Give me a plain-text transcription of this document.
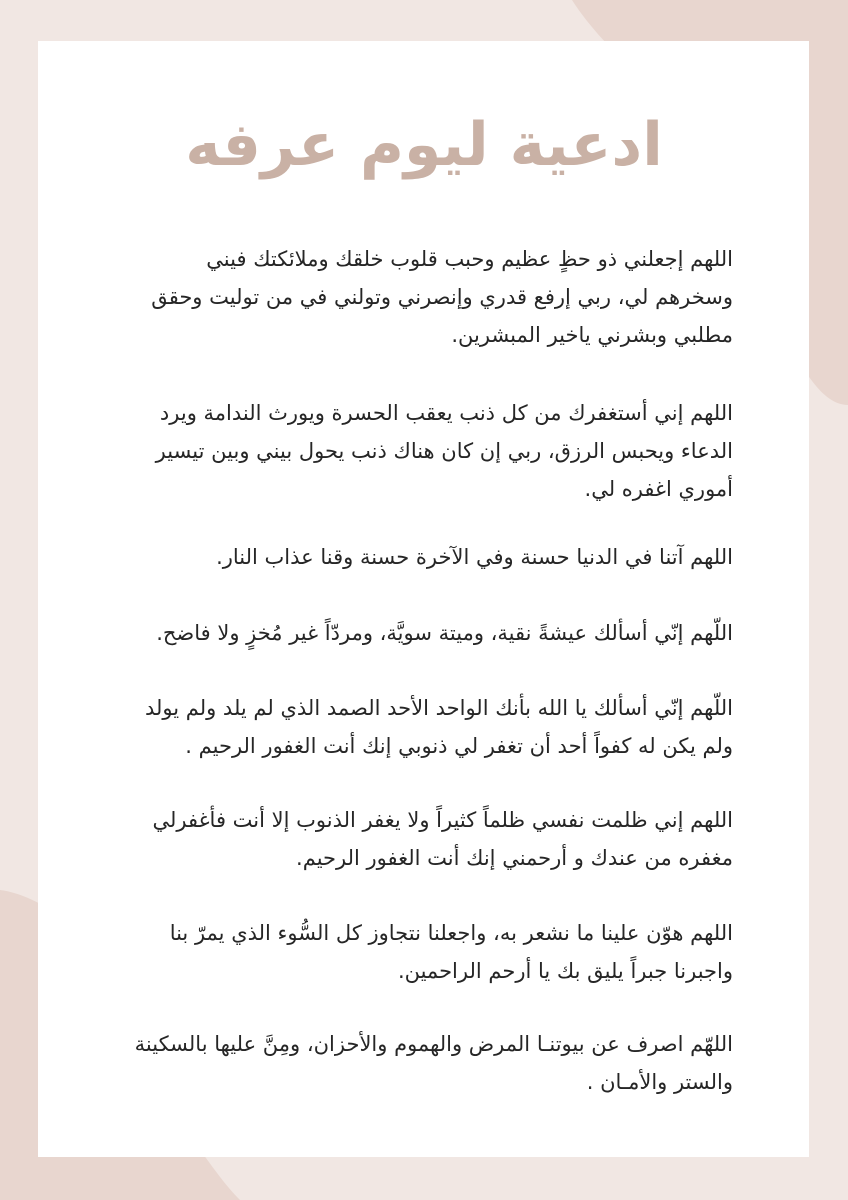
ادعية ليوم عرفه

اللهم إجعلني ذو حظٍ عظيم وحبب قلوب خلقك وملائكتك فيني
وسخرهم لي، ربي إرفع قدري وإنصرني وتولني في من توليت وحقق
مطلبي وبشرني ياخير المبشرين.

اللهم إني أستغفرك من كل ذنب يعقب الحسرة ويورث الندامة ويرد
الدعاء ويحبس الرزق، ربي إن كان هناك ذنب يحول بيني وبين تيسير
أموري اغفره لي.

اللهم آتنا في الدنيا حسنة وفي الآخرة حسنة وقنا عذاب النار.

اللّهم إنّي أسألك عيشةً نقية، وميتة سويَّة، ومردّاً غير مُخزٍ ولا فاضح.

اللّهم إنّي أسألك يا الله بأنك الواحد الأحد الصمد الذي لم يلد ولم يولد
ولم يكن له كفواً أحد أن تغفر لي ذنوبي إنك أنت الغفور الرحيم .

اللهم إني ظلمت نفسي ظلماً كثيراً ولا يغفر الذنوب إلا أنت فأغفرلي
مغفره من عندك و أرحمني إنك أنت الغفور الرحيم.

اللهم هوّن علينا ما نشعر به، واجعلنا نتجاوز كل السُّوء الذي يمرّ بنا
واجبرنا جبراً يليق بك يا أرحم الراحمين.

اللهّم اصرف عن بيوتنـا المرض والهموم والأحزان، ومِنَّ عليها بالسكينة
والستر والأمـان .
